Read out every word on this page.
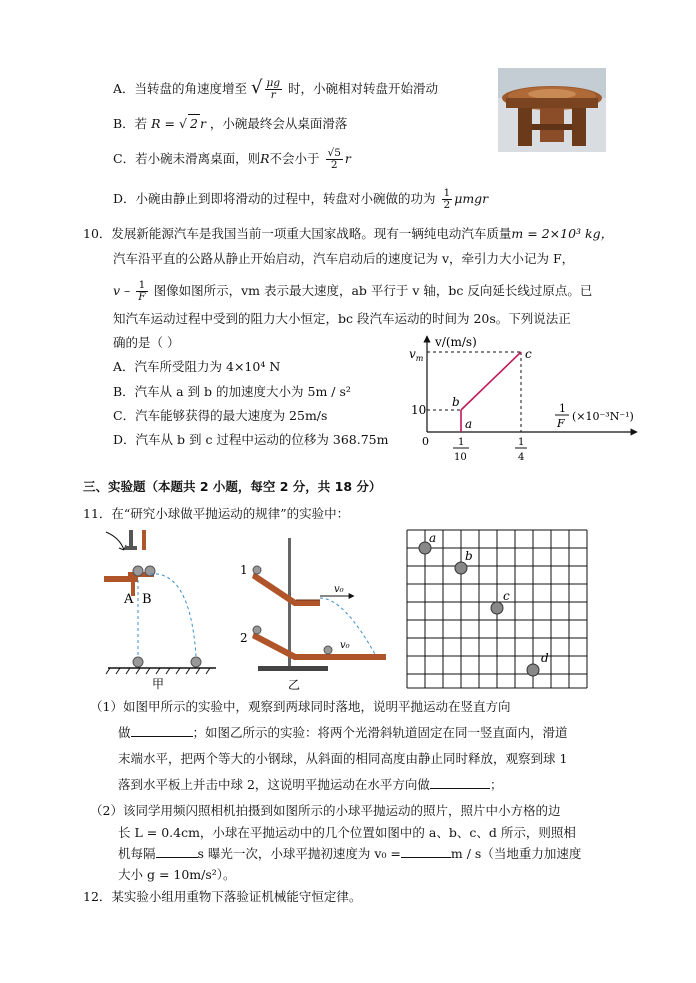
A．当转盘的角速度增至 √ $\frac{\mu g}{r}$ 时，小碗相对转盘开始滑动
B．若 R = √ 2 r ，小碗最终会从桌面滑落
C．若小碗未滑离桌面，则R不会小于 $\frac{√5}{2}$ r
D．小碗由静止到即将滑动的过程中，转盘对小碗做的功为 $\frac{1}{2}$ μmgr
10．发展新能源汽车是我国当前一项重大国家战略。现有一辆纯电动汽车质量m = 2×10³ kg，
汽车沿平直的公路从静止开始启动，汽车启动后的速度记为 v，牵引力大小记为 F，
v – $\frac{1}{F}$ 图像如图所示，vm 表示最大速度，ab 平行于 v 轴，bc 反向延长线过原点。已
知汽车运动过程中受到的阻力大小恒定，bc 段汽车运动的时间为 20s。下列说法正
确的是（ ）
A．汽车所受阻力为 4×10⁴ N
B．汽车从 a 到 b 的加速度大小为 5m / s²
C．汽车能够获得的最大速度为 25m/s
D．汽车从 b 到 c 过程中运动的位移为 368.75m
v/(m/s)
$v_m$
10
0
a
b
c
1
10
1
4
1
F
(×10⁻³N⁻¹)
三、实验题（本题共 2 小题，每空 2 分，共 18 分）
11．在“研究小球做平抛运动的规律”的实验中：
A B
甲
1
v₀
2
v₀
乙
a
b
c
d
（1）如图甲所示的实验中，观察到两球同时落地，说明平抛运动在竖直方向
做	；如图乙所示的实验：将两个光滑斜轨道固定在同一竖直面内，滑道
末端水平，把两个等大的小钢球，从斜面的相同高度由静止同时释放，观察到球 1
落到水平板上并击中球 2，这说明平抛运动在水平方向做	；
（2）该同学用频闪照相机拍摄到如图所示的小球平抛运动的照片，照片中小方格的边
长 L = 0.4cm，小球在平抛运动中的几个位置如图中的 a、b、c、d 所示，则照相
机每隔	s 曝光一次，小球平抛初速度为 v₀ =	m / s（当地重力加速度
大小 g = 10m/s²）。
12．某实验小组用重物下落验证机械能守恒定律。
